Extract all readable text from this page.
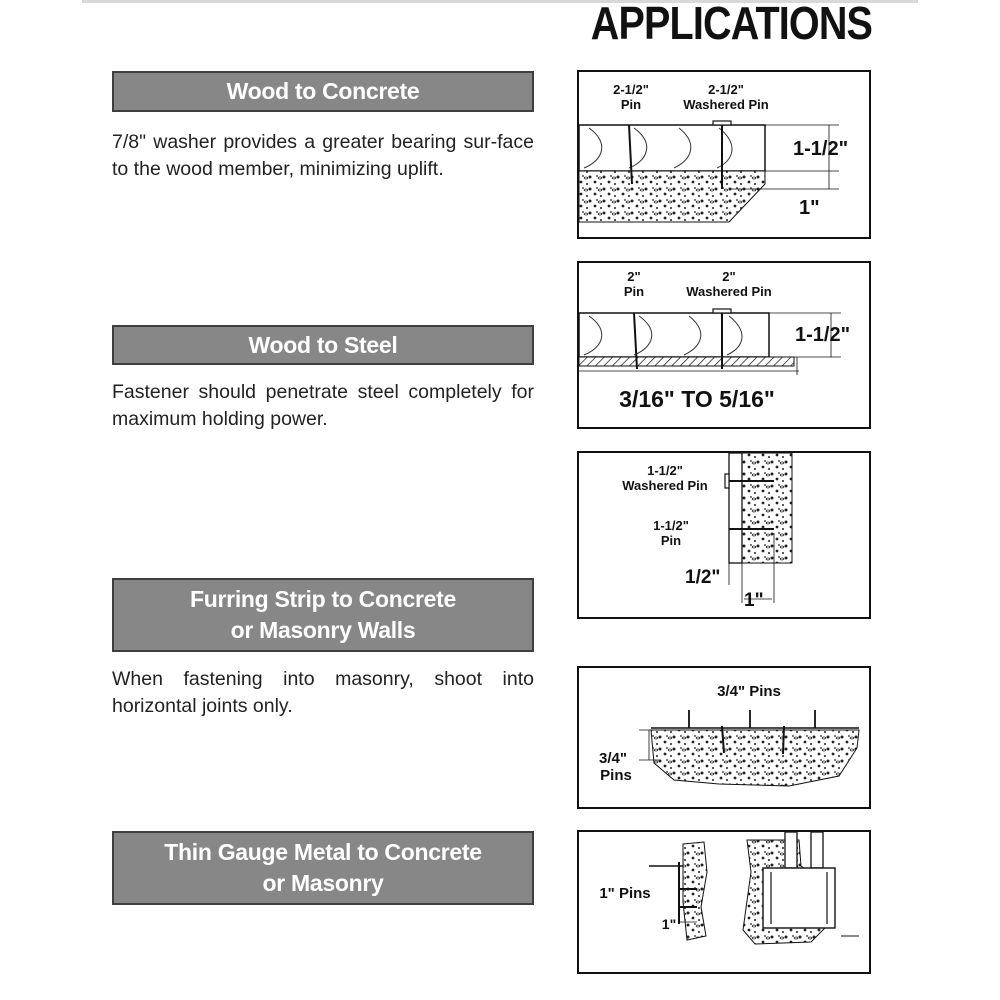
APPLICATIONS
Wood to Concrete

7/8" washer provides a greater bearing sur-face to the wood member, minimizing uplift.

Wood to Steel

Fastener should penetrate steel completely for maximum holding power.

Furring Strip to Concrete
or Masonry Walls

When fastening into masonry, shoot into horizontal joints only.

Thin Gauge Metal to Concrete
or Masonry
2-1/2"
Pin
2-1/2"
Washered Pin
1-1/2"
1"
2"
Pin
2"
Washered Pin
1-1/2"
3/16" TO 5/16"
1-1/2"
Washered Pin
1-1/2"
Pin
1/2"
1"
3/4" Pins
3/4"
Pins
1" Pins
1"
